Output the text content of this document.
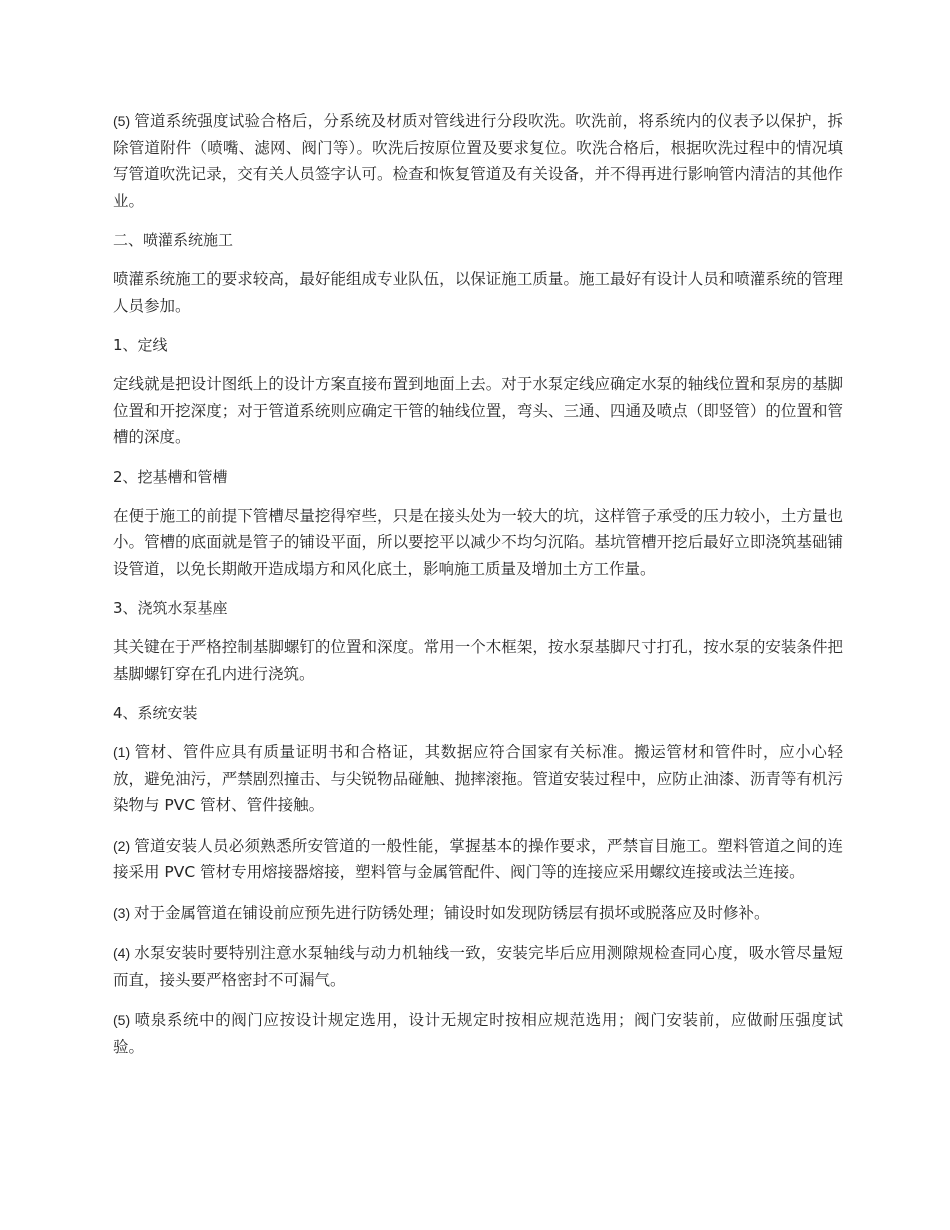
(5) 管道系统强度试验合格后，分系统及材质对管线进行分段吹洗。吹洗前，将系统内的仪表予以保护，拆除管道附件（喷嘴、滤网、阀门等）。吹洗后按原位置及要求复位。吹洗合格后，根据吹洗过程中的情况填写管道吹洗记录，交有关人员签字认可。检查和恢复管道及有关设备，并不得再进行影响管内清洁的其他作业。

二、喷灌系统施工

喷灌系统施工的要求较高，最好能组成专业队伍，以保证施工质量。施工最好有设计人员和喷灌系统的管理人员参加。

1、定线

定线就是把设计图纸上的设计方案直接布置到地面上去。对于水泵定线应确定水泵的轴线位置和泵房的基脚位置和开挖深度；对于管道系统则应确定干管的轴线位置，弯头、三通、四通及喷点（即竖管）的位置和管槽的深度。

2、挖基槽和管槽

在便于施工的前提下管槽尽量挖得窄些，只是在接头处为一较大的坑，这样管子承受的压力较小，土方量也小。管槽的底面就是管子的铺设平面，所以要挖平以减少不均匀沉陷。基坑管槽开挖后最好立即浇筑基础铺设管道，以免长期敞开造成塌方和风化底土，影响施工质量及增加土方工作量。

3、浇筑水泵基座

其关键在于严格控制基脚螺钉的位置和深度。常用一个木框架，按水泵基脚尺寸打孔，按水泵的安装条件把基脚螺钉穿在孔内进行浇筑。

4、系统安装

(1) 管材、管件应具有质量证明书和合格证，其数据应符合国家有关标准。搬运管材和管件时，应小心轻放，避免油污，严禁剧烈撞击、与尖锐物品碰触、抛摔滚拖。管道安装过程中，应防止油漆、沥青等有机污染物与 PVC 管材、管件接触。

(2) 管道安装人员必须熟悉所安管道的一般性能，掌握基本的操作要求，严禁盲目施工。塑料管道之间的连接采用 PVC 管材专用熔接器熔接，塑料管与金属管配件、阀门等的连接应采用螺纹连接或法兰连接。

(3) 对于金属管道在铺设前应预先进行防锈处理；铺设时如发现防锈层有损坏或脱落应及时修补。

(4) 水泵安装时要特别注意水泵轴线与动力机轴线一致，安装完毕后应用测隙规检查同心度，吸水管尽量短而直，接头要严格密封不可漏气。

(5) 喷泉系统中的阀门应按设计规定选用，设计无规定时按相应规范选用；阀门安装前，应做耐压强度试验。
